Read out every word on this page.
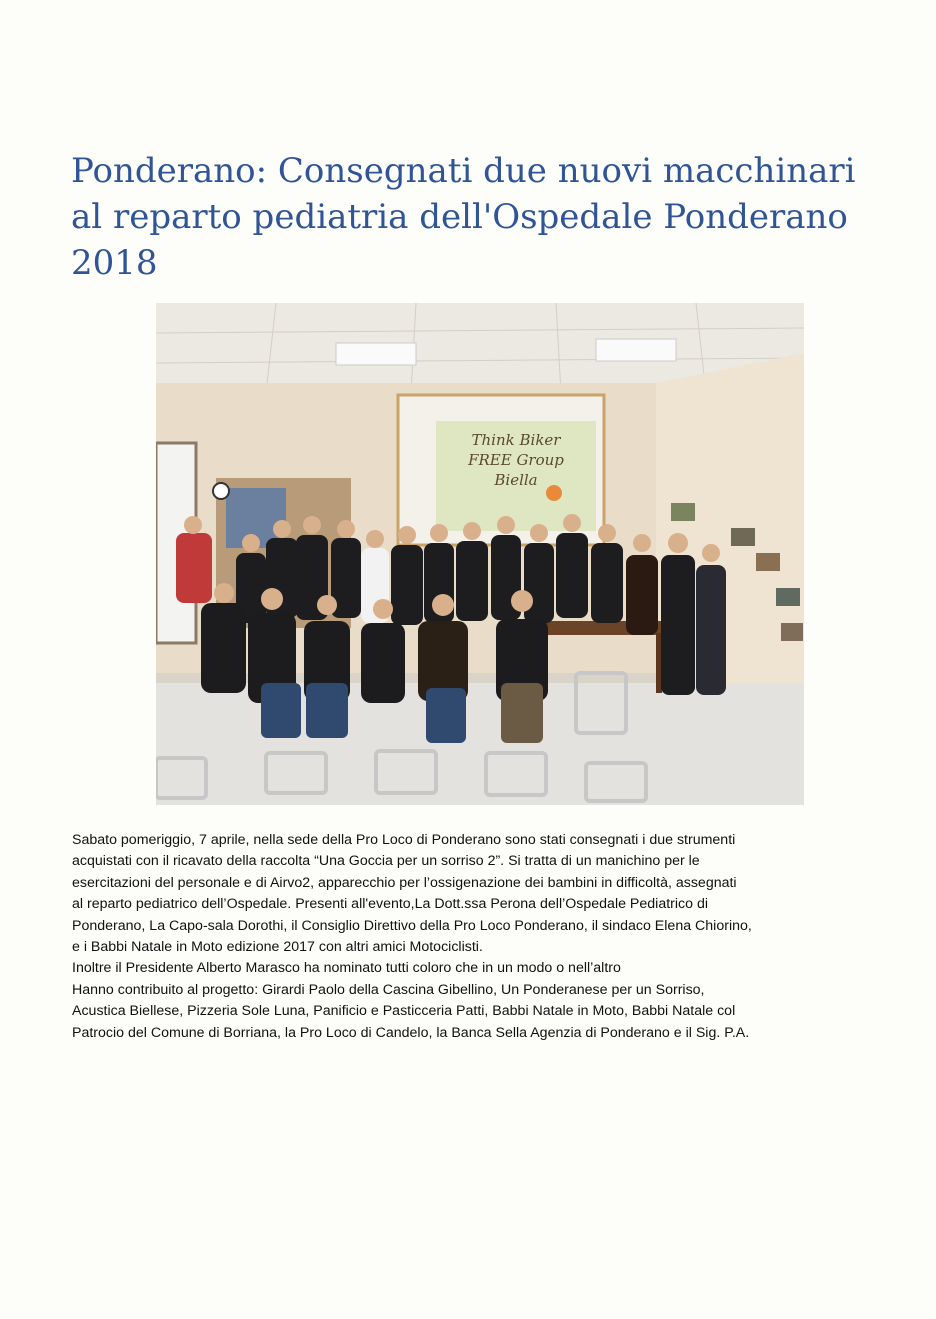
Ponderano: Consegnati due nuovi macchinari al reparto pediatria dell'Ospedale Ponderano 2018
Think Biker
FREE Group
Biella

Sabato pomeriggio, 7 aprile, nella sede della Pro Loco di Ponderano sono stati consegnati i due strumenti
acquistati con il ricavato della raccolta “Una Goccia per un sorriso 2”. Si tratta di un manichino per le
esercitazioni del personale e di Airvo2, apparecchio per l’ossigenazione dei bambini in difficoltà, assegnati
al reparto pediatrico dell’Ospedale. Presenti all'evento,La Dott.ssa Perona dell’Ospedale Pediatrico di
Ponderano, La Capo-sala Dorothi, il Consiglio Direttivo della Pro Loco Ponderano, il sindaco Elena Chiorino,
e i Babbi Natale in Moto edizione 2017 con altri amici Motociclisti.

Inoltre il Presidente Alberto Marasco ha nominato tutti coloro che in un modo o nell’altro
Hanno contribuito al progetto: Girardi Paolo della Cascina Gibellino, Un Ponderanese per un Sorriso,
Acustica Biellese, Pizzeria Sole Luna, Panificio e Pasticceria Patti, Babbi Natale in Moto, Babbi Natale col
Patrocio del Comune di Borriana, la Pro Loco di Candelo, la Banca Sella Agenzia di Ponderano e il Sig. P.A.
